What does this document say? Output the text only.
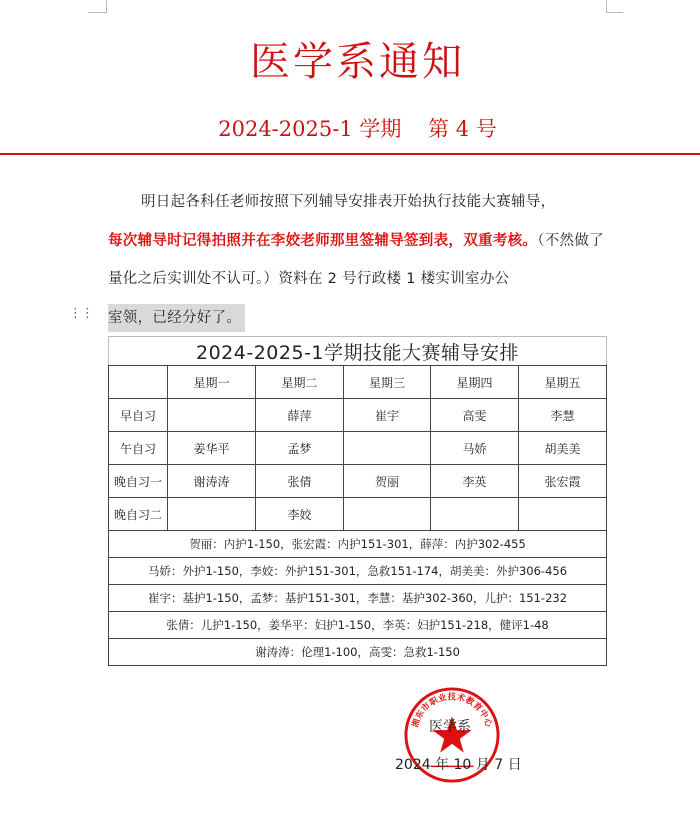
医学系通知
2024-2025-1 学期    第 4 号
明日起各科任老师按照下列辅导安排表开始执行技能大赛辅导，
每次辅导时记得拍照并在李姣老师那里签辅导签到表，双重考核。（不然做了量化之后实训处不认可。）资料在 2 号行政楼 1 楼实训室办公
室领，已经分好了。
⋮⋮
2024-2025-1学期技能大赛辅导安排					
	星期一	星期二	星期三	星期四	星期五
早自习		薛萍	崔宇	高雯	李慧
午自习	姜华平	孟梦		马娇	胡美美
晚自习一	谢涛涛	张倩	贺丽	李英	张宏霞
晚自习二		李姣			
贺丽：内护1-150，张宏霞：内护151-301，薛萍：内护302-455					
马娇：外护1-150，李姣：外护151-301，急救151-174，胡美美：外护306-456					
崔宇：基护1-150，孟梦：基护151-301，李慧：基护302-360，儿护：151-232					
张倩：儿护1-150，姜华平：妇护1-150，李英：妇护151-218，健评1-48					
谢涛涛：伦理1-100，高雯：急救1-150					
湘东市职业技术教育中心
医学系
2024 年 10 月 7 日
